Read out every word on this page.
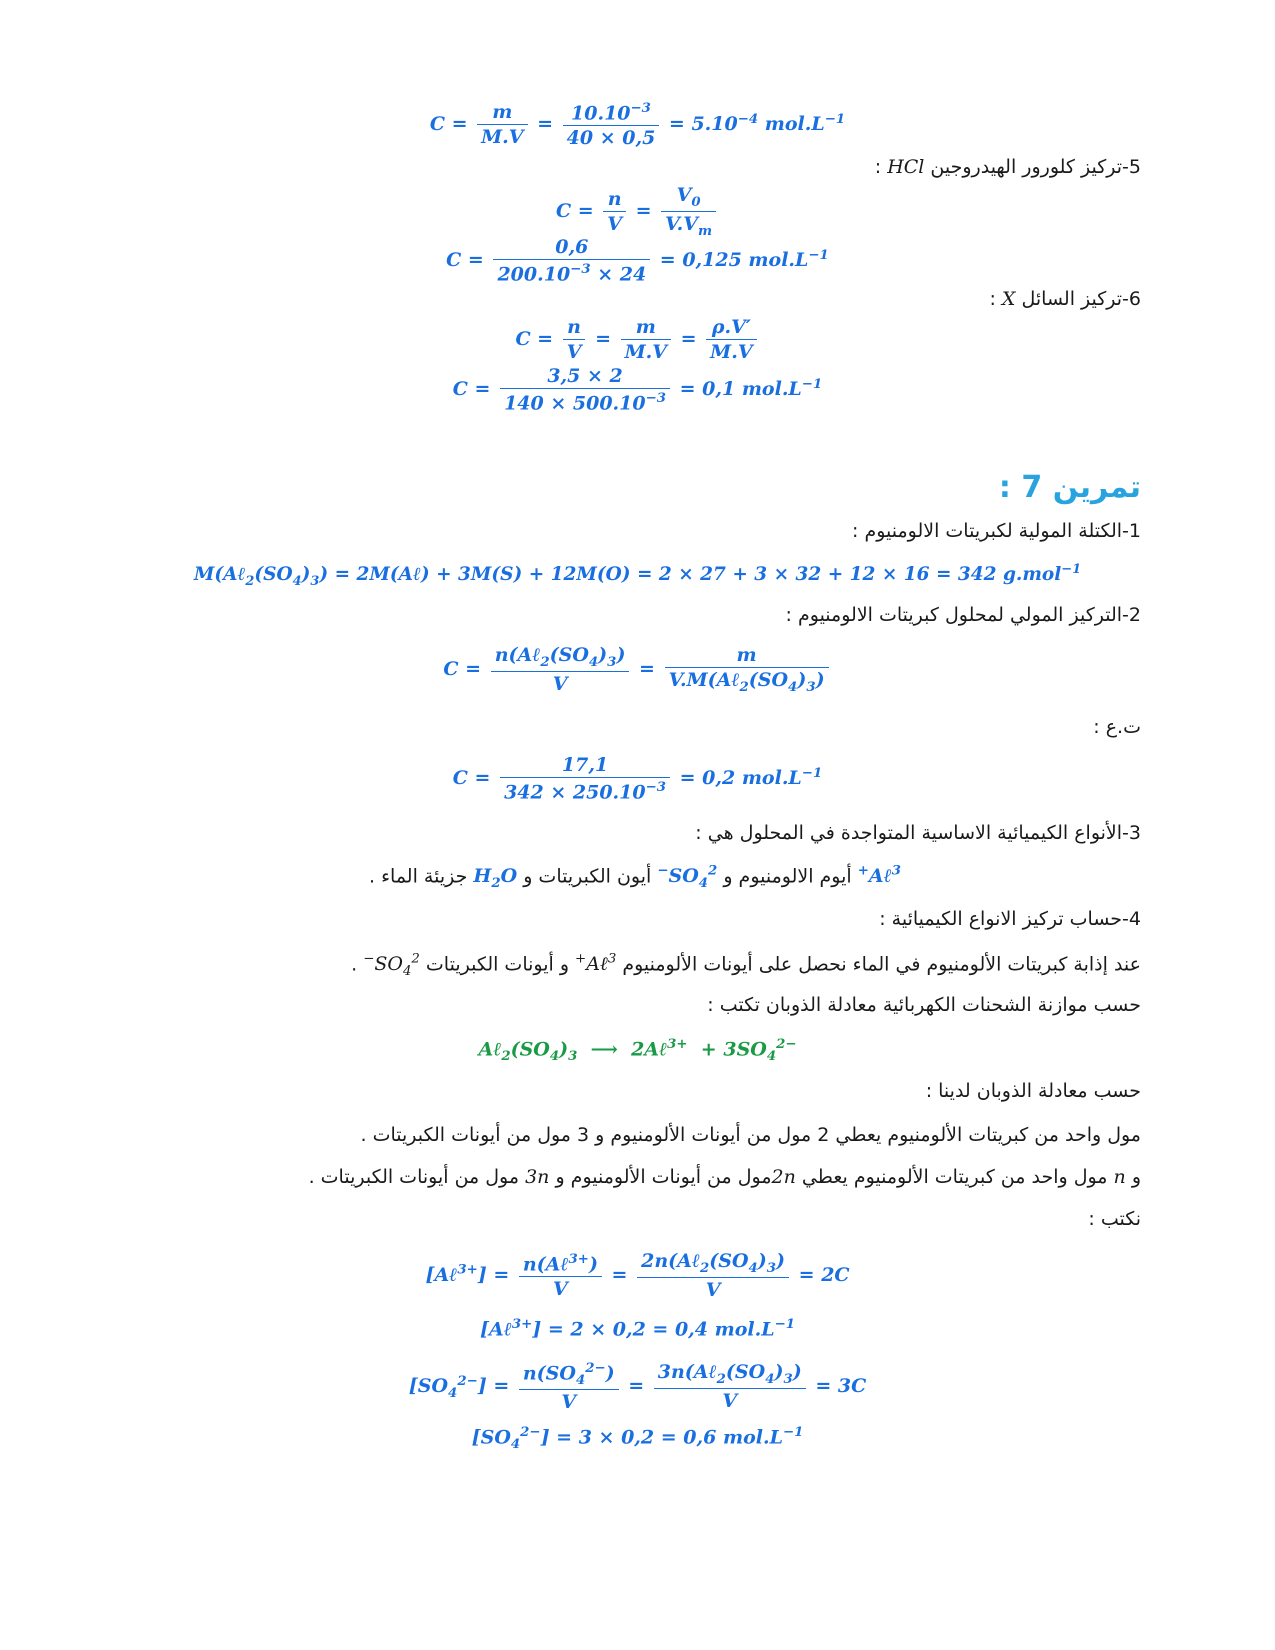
$C = \frac{m}{M.V} = \frac{10.10^{-3}}{40 \times 0,5} = 5.10^{-4}$ $mol.L^{-1}$
5-تركيز كلورور الهيدروجين HCl :
$C = \frac{n}{V} = \frac{V_0}{V.V_m}$
$C = \frac{0,6}{200.10^{-3} \times 24} = 0,125$ $mol.L^{-1}$
6-تركيز السائل X :
$C = \frac{n}{V} = \frac{m}{M.V} = \frac{\rho.V'}{M.V}$
$C = \frac{3,5 \times 2}{140 \times 500.10^{-3}} = 0,1$ $mol.L^{-1}$
تمرين 7 :
1-الكتلة المولية لكبريتات الالومنيوم :
$M(A\ell_2(SO_4)_3)$ = 2M(Aℓ) + 3M(S) + 12M(O) = 2 × 27 + 3 × 32 + 12 × 16 = 342 g.mol$^{-1}$
2-التركيز المولي لمحلول كبريتات الالومنيوم :
C =
$n(A\ell_2(SO_4)_3)$
V
=
m
$V.M(A\ell_2(SO_4)_3)$
ت.ع :
$C = \frac{17,1}{342 \times 250.10^{-3}} = 0,2$ $mol.L^{-1}$
3-الأنواع الكيميائية الاساسية المتواجدة في المحلول هي :
Aℓ$^{3+}$ أيوم الالومنيوم و $SO_4^{2-}$ أيون الكبريتات و $H_2O$ جزيئة الماء .
4-حساب تركيز الانواع الكيميائية :
عند إذابة كبريتات الألومنيوم في الماء نحصل على أيونات الألومنيوم Aℓ$^{3+}$ و أيونات الكبريتات $SO_4^{2-}$ .
حسب موازنة الشحنات الكهربائية معادلة الذوبان تكتب :
$A\ell_2(SO_4)_3$  ⟶  2Aℓ$^{3+}$  + $3SO_4^{2-}$
حسب معادلة الذوبان لدينا :
مول واحد من كبريتات الألومنيوم يعطي 2 مول من أيونات الألومنيوم و 3 مول من أيونات الكبريتات .
و n مول واحد من كبريتات الألومنيوم يعطي 2nمول من أيونات الألومنيوم و 3n مول من أيونات الكبريتات .
نكتب :
[Aℓ$^{3+}$] = n(Aℓ$^{3+}$)
V
=
$2n(A\ell_2(SO_4)_3)$
V
= 2C
[Aℓ$^{3+}$] = 2 × 0,2 = 0,4 $mol.L^{-1}$
$[SO_4^{2-}] = \frac{n(SO_4^{2-})}{V}$ =
$3n(A\ell_2(SO_4)_3)$
V
= 3C
$[SO_4^{2-}] = 3 \times 0,2 = 0,6$ $mol.L^{-1}$
